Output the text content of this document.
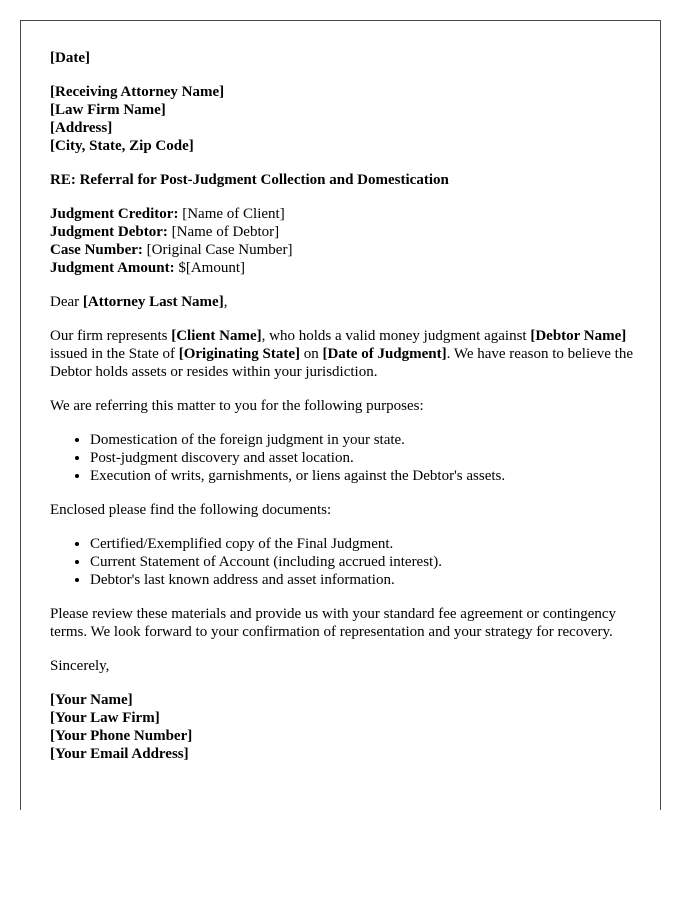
[Date]
[Receiving Attorney Name]
[Law Firm Name]
[Address]
[City, State, Zip Code]
RE: Referral for Post-Judgment Collection and Domestication
Judgment Creditor: [Name of Client]
Judgment Debtor: [Name of Debtor]
Case Number: [Original Case Number]
Judgment Amount: $[Amount]

Dear [Attorney Last Name],

Our firm represents [Client Name], who holds a valid money judgment against [Debtor Name] issued in the State of [Originating State] on [Date of Judgment]. We have reason to believe the Debtor holds assets or resides within your jurisdiction.

We are referring this matter to you for the following purposes:

• Domestication of the foreign judgment in your state.
• Post-judgment discovery and asset location.
• Execution of writs, garnishments, or liens against the Debtor's assets.

Enclosed please find the following documents:

• Certified/Exemplified copy of the Final Judgment.
• Current Statement of Account (including accrued interest).
• Debtor's last known address and asset information.

Please review these materials and provide us with your standard fee agreement or contingency terms. We look forward to your confirmation of representation and your strategy for recovery.

Sincerely,

[Your Name]
[Your Law Firm]
[Your Phone Number]
[Your Email Address]
